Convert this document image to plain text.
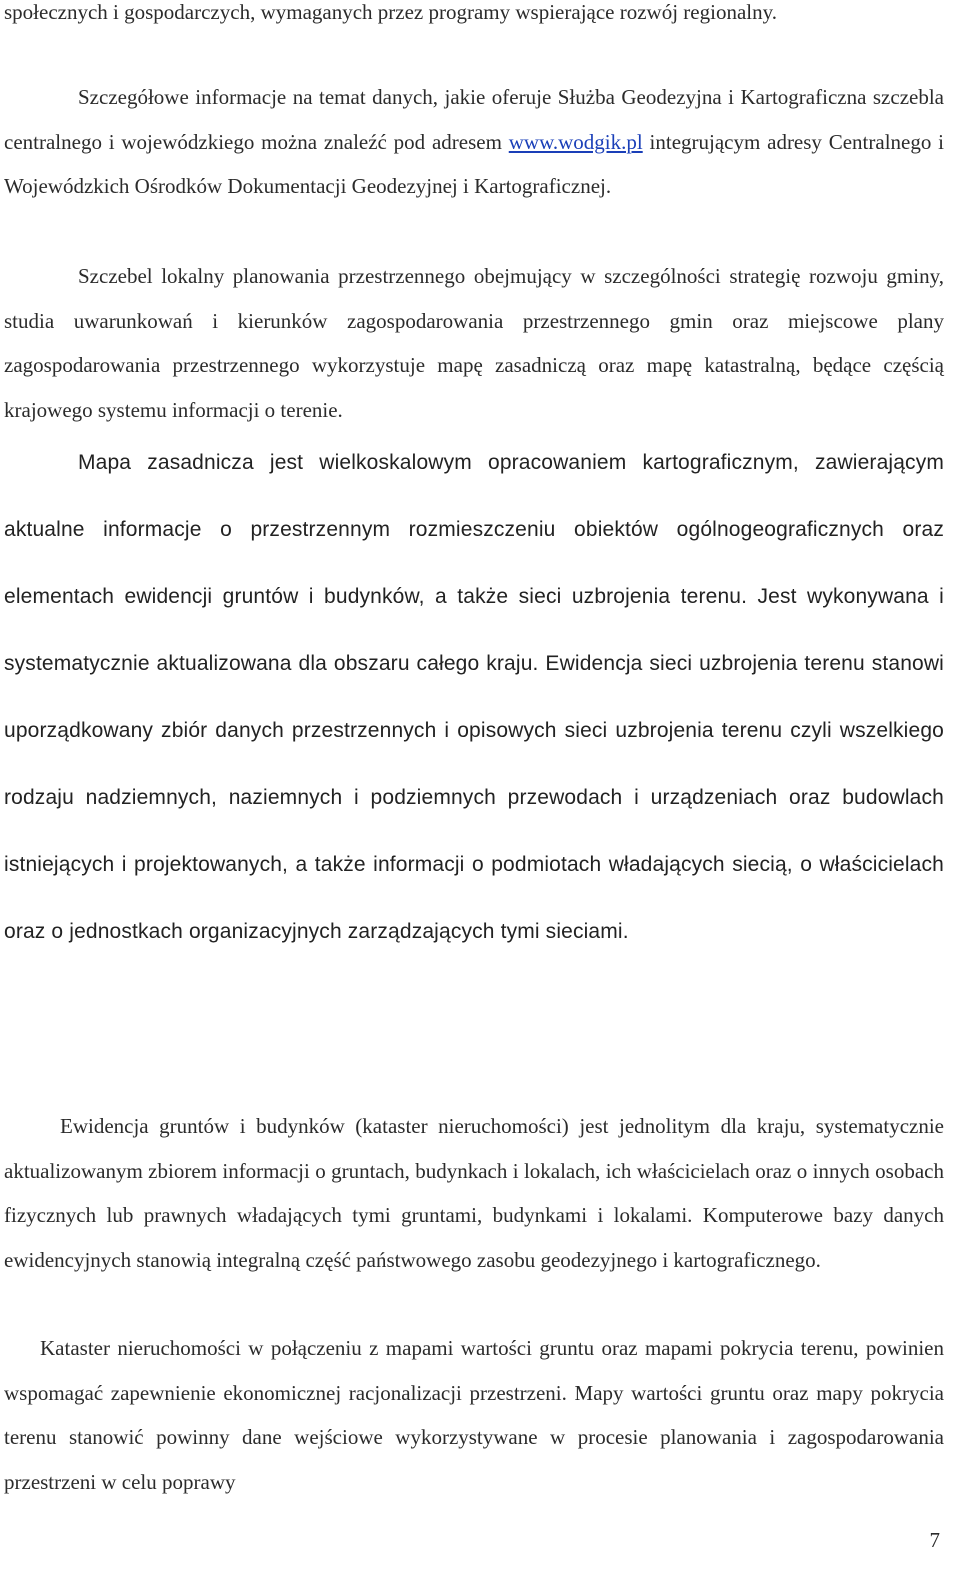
społecznych i gospodarczych, wymaganych przez programy wspierające rozwój regionalny.

Szczegółowe informacje na temat danych, jakie oferuje Służba Geodezyjna i Kartograficzna szczebla centralnego i wojewódzkiego można znaleźć pod adresem www.wodgik.pl integrującym adresy Centralnego i Wojewódzkich Ośrodków Dokumentacji Geodezyjnej i Kartograficznej.

Szczebel lokalny planowania przestrzennego obejmujący w szczególności strategię rozwoju gminy, studia uwarunkowań i kierunków zagospodarowania przestrzennego gmin oraz miejscowe plany zagospodarowania przestrzennego wykorzystuje mapę zasadniczą oraz mapę katastralną, będące częścią krajowego systemu informacji o terenie.

Mapa zasadnicza jest wielkoskalowym opracowaniem kartograficznym, zawierającym aktualne informacje o przestrzennym rozmieszczeniu obiektów ogólnogeograficznych oraz elementach ewidencji gruntów i budynków, a także sieci uzbrojenia terenu. Jest wykonywana i systematycznie aktualizowana dla obszaru całego kraju. Ewidencja sieci uzbrojenia terenu stanowi uporządkowany zbiór danych przestrzennych i opisowych sieci uzbrojenia terenu czyli wszelkiego rodzaju nadziemnych, naziemnych i podziemnych przewodach i urządzeniach oraz budowlach istniejących i projektowanych, a także informacji o podmiotach władających siecią, o właścicielach oraz o jednostkach organizacyjnych zarządzających tymi sieciami.

Ewidencja gruntów i budynków (kataster nieruchomości) jest jednolitym dla kraju, systematycznie aktualizowanym zbiorem informacji o gruntach, budynkach i lokalach, ich właścicielach oraz o innych osobach fizycznych lub prawnych władających tymi gruntami, budynkami i lokalami. Komputerowe bazy danych ewidencyjnych stanowią integralną część państwowego zasobu geodezyjnego i kartograficznego.

Kataster nieruchomości w połączeniu z mapami wartości gruntu oraz mapami pokrycia terenu, powinien wspomagać zapewnienie ekonomicznej racjonalizacji przestrzeni. Mapy wartości gruntu oraz mapy pokrycia terenu stanowić powinny dane wejściowe wykorzystywane w procesie planowania i zagospodarowania przestrzeni w celu poprawy

7
